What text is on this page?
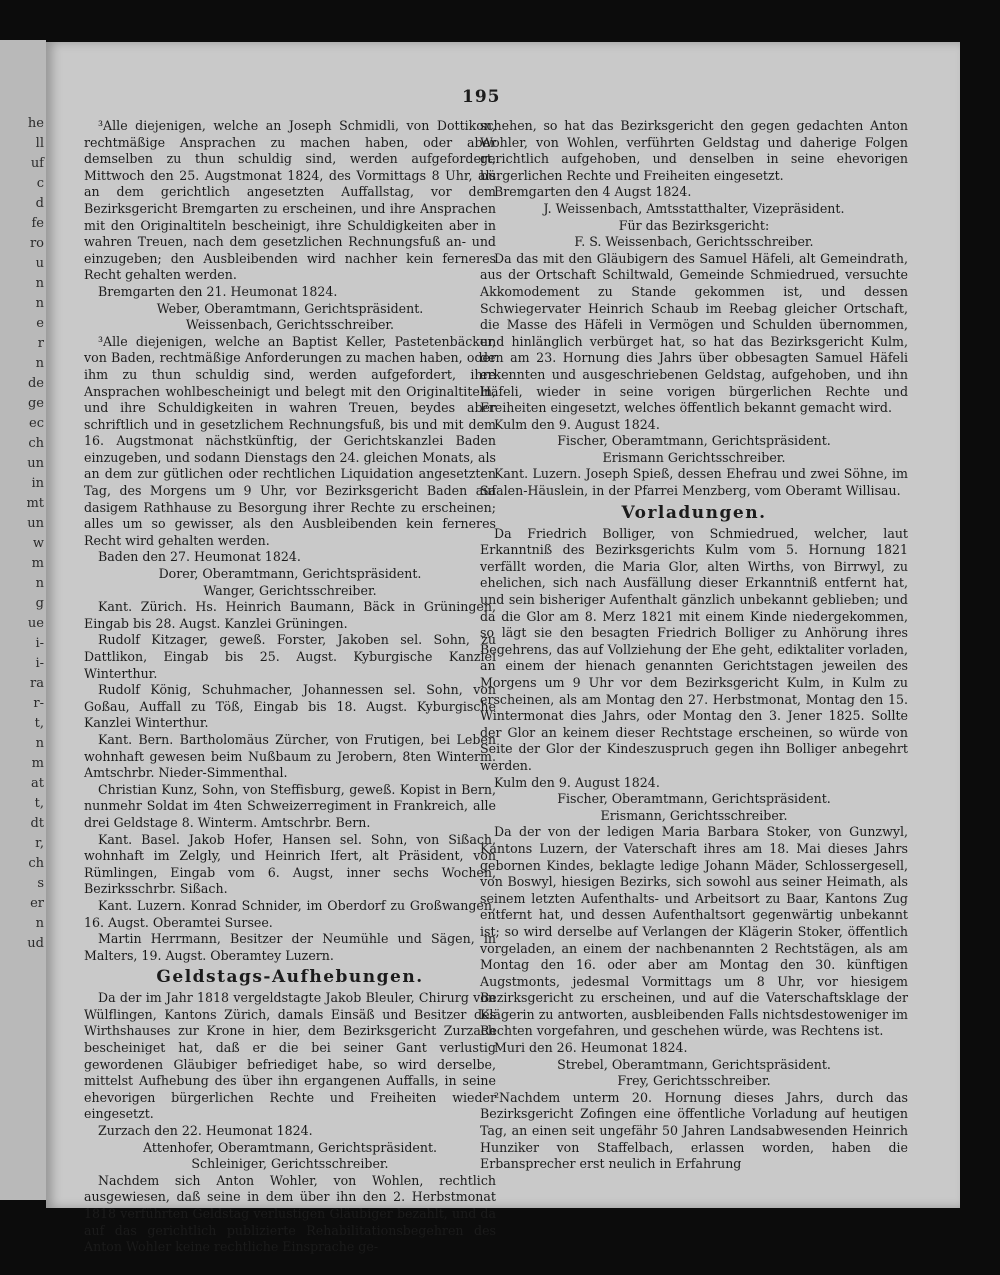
he
ll
uf
c
d
fe
ro
u
n
n
e
r
n
de
ge
ec
ch
un
in
mt
un
w
m
n
g
ue
i-
i-
ra
r-
t,
n
m
at
t,
dt
r,
ch
s
er
n
ud
195

³Alle diejenigen, welche an Joseph Schmidli, von Dottikon, rechtmäßige Ansprachen zu machen haben, oder aber demselben zu thun schuldig sind, werden aufgefordert, Mittwoch den 25. Augstmonat 1824, des Vormittags 8 Uhr, als an dem gerichtlich angesetzten Auffallstag, vor dem Bezirksgericht Bremgarten zu erscheinen, und ihre Ansprachen mit den Originaltiteln bescheinigt, ihre Schuldigkeiten aber in wahren Treuen, nach dem gesetzlichen Rechnungsfuß an- und einzugeben; den Ausbleibenden wird nachher kein ferneres Recht gehalten werden.

Bremgarten den 21. Heumonat 1824.

Weber, Oberamtmann, Gerichtspräsident.

Weissenbach, Gerichtsschreiber.

³Alle diejenigen, welche an Baptist Keller, Pastetenbäcker, von Baden, rechtmäßige Anforderungen zu machen haben, oder ihm zu thun schuldig sind, werden aufgefordert, ihre Ansprachen wohlbescheinigt und belegt mit den Originaltiteln, und ihre Schuldigkeiten in wahren Treuen, beydes aber schriftlich und in gesetzlichem Rechnungsfuß, bis und mit dem 16. Augstmonat nächstkünftig, der Gerichtskanzlei Baden einzugeben, und sodann Dienstags den 24. gleichen Monats, als an dem zur gütlichen oder rechtlichen Liquidation angesetzten Tag, des Morgens um 9 Uhr, vor Bezirksgericht Baden auf dasigem Rathhause zu Besorgung ihrer Rechte zu erscheinen; alles um so gewisser, als den Ausbleibenden kein ferneres Recht wird gehalten werden.

Baden den 27. Heumonat 1824.

Dorer, Oberamtmann, Gerichtspräsident.

Wanger, Gerichtsschreiber.

Kant. Zürich. Hs. Heinrich Baumann, Bäck in Grüningen, Eingab bis 28. Augst. Kanzlei Grüningen.

Rudolf Kitzager, geweß. Forster, Jakoben sel. Sohn, zu Dattlikon, Eingab bis 25. Augst. Kyburgische Kanzlei Winterthur.

Rudolf König, Schuhmacher, Johannessen sel. Sohn, von Goßau, Auffall zu Töß, Eingab bis 18. Augst. Kyburgische Kanzlei Winterthur.

Kant. Bern. Bartholomäus Zürcher, von Frutigen, bei Leben wohnhaft gewesen beim Nußbaum zu Jerobern, 8ten Winterm. Amtschrbr. Nieder-Simmenthal.

Christian Kunz, Sohn, von Steffisburg, geweß. Kopist in Bern, nunmehr Soldat im 4ten Schweizerregiment in Frankreich, alle drei Geldstage 8. Winterm. Amtschrbr. Bern.

Kant. Basel. Jakob Hofer, Hansen sel. Sohn, von Sißach, wohnhaft im Zelgly, und Heinrich Ifert, alt Präsident, von Rümlingen, Eingab vom 6. Augst, inner sechs Wochen, Bezirksschrbr. Sißach.

Kant. Luzern. Konrad Schnider, im Oberdorf zu Großwangen, 16. Augst. Oberamtei Sursee.

Martin Herrmann, Besitzer der Neumühle und Sägen, in Malters, 19. Augst. Oberamtey Luzern.

Geldstags-Aufhebungen.

Da der im Jahr 1818 vergeldstagte Jakob Bleuler, Chirurg von Wülflingen, Kantons Zürich, damals Einsäß und Besitzer des Wirthshauses zur Krone in hier, dem Bezirksgericht Zurzach bescheiniget hat, daß er die bei seiner Gant verlustig gewordenen Gläubiger befriediget habe, so wird derselbe, mittelst Aufhebung des über ihn ergangenen Auffalls, in seine ehevorigen bürgerlichen Rechte und Freiheiten wieder eingesetzt.

Zurzach den 22. Heumonat 1824.

Attenhofer, Oberamtmann, Gerichtspräsident.

Schleiniger, Gerichtsschreiber.

Nachdem sich Anton Wohler, von Wohlen, rechtlich ausgewiesen, daß seine in dem über ihn den 2. Herbstmonat 1818 verführten Geldstag verlustigen Gläubiger bezahlt, und da auf das gerichtlich publizierte Rehabilitationsbegehren des Anton Wohler keine rechtliche Einsprache ge-

schehen, so hat das Bezirksgericht den gegen gedachten Anton Wohler, von Wohlen, verführten Geldstag und daherige Folgen gerichtlich aufgehoben, und denselben in seine ehevorigen bürgerlichen Rechte und Freiheiten eingesetzt.

Bremgarten den 4 Augst 1824.

J. Weissenbach, Amtsstatthalter, Vizepräsident.

Für das Bezirksgericht:

F. S. Weissenbach, Gerichtsschreiber.

Da das mit den Gläubigern des Samuel Häfeli, alt Gemeindrath, aus der Ortschaft Schiltwald, Gemeinde Schmiedrued, versuchte Akkomodement zu Stande gekommen ist, und dessen Schwiegervater Heinrich Schaub im Reebag gleicher Ortschaft, die Masse des Häfeli in Vermögen und Schulden übernommen, und hinlänglich verbürget hat, so hat das Bezirksgericht Kulm, den am 23. Hornung dies Jahrs über obbesagten Samuel Häfeli erkennten und ausgeschriebenen Geldstag, aufgehoben, und ihn Häfeli, wieder in seine vorigen bürgerlichen Rechte und Freiheiten eingesetzt, welches öffentlich bekannt gemacht wird.

Kulm den 9. August 1824.

Fischer, Oberamtmann, Gerichtspräsident.

Erismann Gerichtsschreiber.

Kant. Luzern. Joseph Spieß, dessen Ehefrau und zwei Söhne, im Saalen-Häuslein, in der Pfarrei Menzberg, vom Oberamt Willisau.

Vorladungen.

Da Friedrich Bolliger, von Schmiedrued, welcher, laut Erkanntniß des Bezirksgerichts Kulm vom 5. Hornung 1821 verfällt worden, die Maria Glor, alten Wirths, von Birrwyl, zu ehelichen, sich nach Ausfällung dieser Erkanntniß entfernt hat, und sein bisheriger Aufenthalt gänzlich unbekannt geblieben; und da die Glor am 8. Merz 1821 mit einem Kinde niedergekommen, so lägt sie den besagten Friedrich Bolliger zu Anhörung ihres Begehrens, das auf Vollziehung der Ehe geht, ediktaliter vorladen, an einem der hienach genannten Gerichtstagen jeweilen des Morgens um 9 Uhr vor dem Bezirksgericht Kulm, in Kulm zu erscheinen, als am Montag den 27. Herbstmonat, Montag den 15. Wintermonat dies Jahrs, oder Montag den 3. Jener 1825. Sollte der Glor an keinem dieser Rechtstage erscheinen, so würde von Seite der Glor der Kindeszuspruch gegen ihn Bolliger anbegehrt werden.

Kulm den 9. August 1824.

Fischer, Oberamtmann, Gerichtspräsident.

Erismann, Gerichtsschreiber.

Da der von der ledigen Maria Barbara Stoker, von Gunzwyl, Kantons Luzern, der Vaterschaft ihres am 18. Mai dieses Jahrs gebornen Kindes, beklagte ledige Johann Mäder, Schlossergesell, von Boswyl, hiesigen Bezirks, sich sowohl aus seiner Heimath, als seinem letzten Aufenthalts- und Arbeitsort zu Baar, Kantons Zug entfernt hat, und dessen Aufenthaltsort gegenwärtig unbekannt ist; so wird derselbe auf Verlangen der Klägerin Stoker, öffentlich vorgeladen, an einem der nachbenannten 2 Rechtstägen, als am Montag den 16. oder aber am Montag den 30. künftigen Augstmonts, jedesmal Vormittags um 8 Uhr, vor hiesigem Bezirksgericht zu erscheinen, und auf die Vaterschaftsklage der Klägerin zu antworten, ausbleibenden Falls nichtsdestoweniger im Rechten vorgefahren, und geschehen würde, was Rechtens ist.

Muri den 26. Heumonat 1824.

Strebel, Oberamtmann, Gerichtspräsident.

Frey, Gerichtsschreiber.

²Nachdem unterm 20. Hornung dieses Jahrs, durch das Bezirksgericht Zofingen eine öffentliche Vorladung auf heutigen Tag, an einen seit ungefähr 50 Jahren Landsabwesenden Heinrich Hunziker von Staffelbach, erlassen worden, haben die Erbansprecher erst neulich in Erfahrung
